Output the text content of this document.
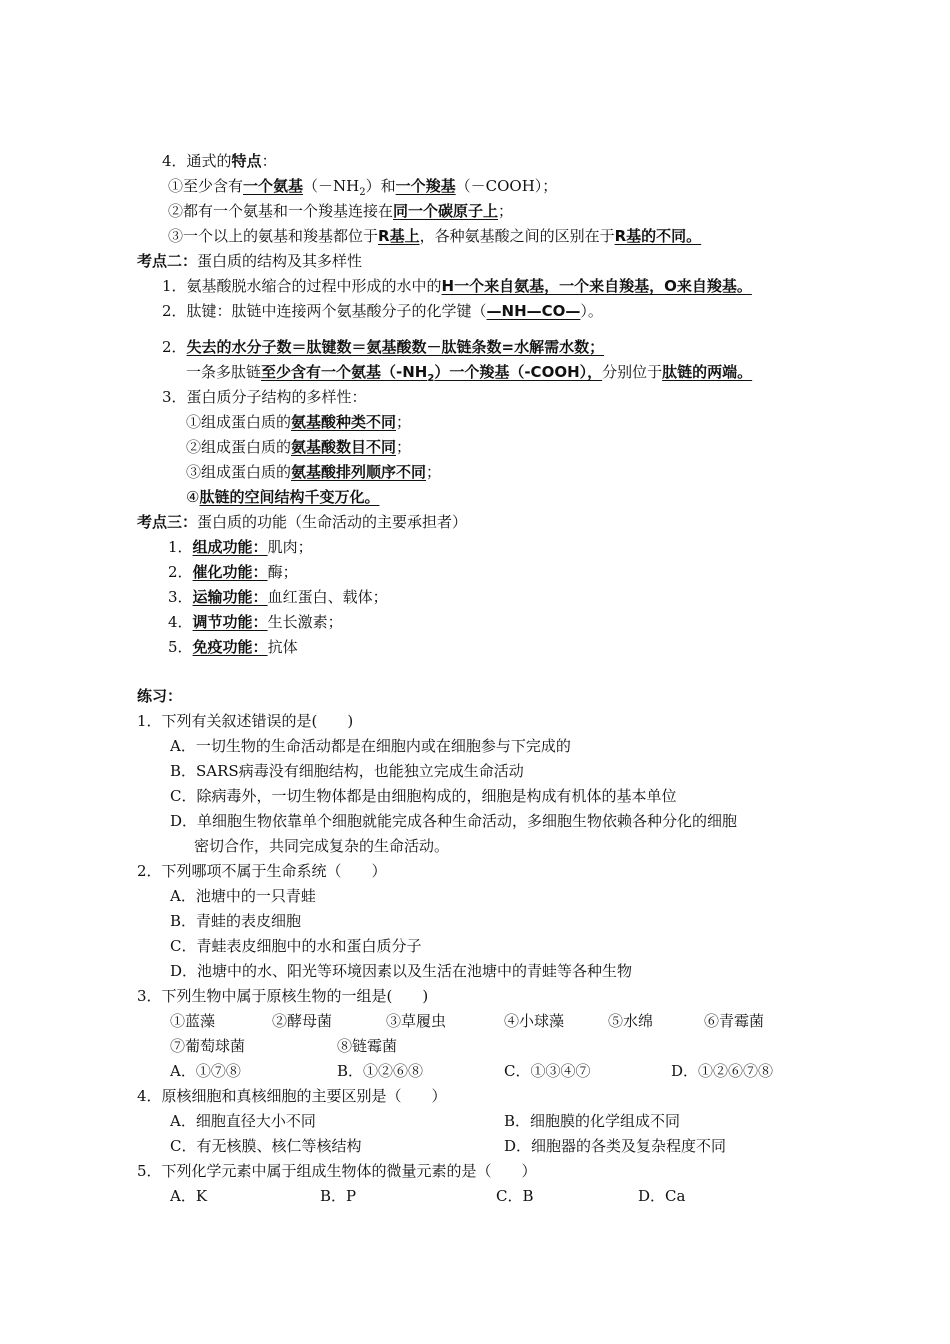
4．通式的特点：
①至少含有一个氨基$(-NH_2)$和一个羧基（－COOH）；
②都有一个氨基和一个羧基连接在同一个碳原子上；
③一个以上的氨基和羧基都位于R基上，各种氨基酸之间的区别在于R基的不同。
考点二：蛋白质的结构及其多样性
1．氨基酸脱水缩合的过程中形成的水中的H一个来自氨基，一个来自羧基，O来自羧基。
2．肽键：肽链中连接两个氨基酸分子的化学键（—NH—CO—）。
2．失去的水分子数＝肽键数＝氨基酸数－肽链条数=水解需水数；
一条多肽链至少含有一个氨基$(-NH_2)$一个羧基（-COOH），分别位于肽链的两端。
3．蛋白质分子结构的多样性：
①组成蛋白质的氨基酸种类不同；
②组成蛋白质的氨基酸数目不同；
③组成蛋白质的氨基酸排列顺序不同；
④肽链的空间结构千变万化。
考点三：蛋白质的功能（生命活动的主要承担者）
1．组成功能：肌肉；
2．催化功能：酶；
3．运输功能：血红蛋白、载体；
4．调节功能：生长激素；
5．免疫功能：抗体
练习：
1．下列有关叙述错误的是(　　)
A．一切生物的生命活动都是在细胞内或在细胞参与下完成的
B．SARS病毒没有细胞结构，也能独立完成生命活动
C．除病毒外，一切生物体都是由细胞构成的，细胞是构成有机体的基本单位
D．单细胞生物依靠单个细胞就能完成各种生命活动，多细胞生物依赖各种分化的细胞
密切合作，共同完成复杂的生命活动。
2．下列哪项不属于生命系统（　　）
A．池塘中的一只青蛙
B．青蛙的表皮细胞
C．青蛙表皮细胞中的水和蛋白质分子
D．池塘中的水、阳光等环境因素以及生活在池塘中的青蛙等各种生物
3．下列生物中属于原核生物的一组是(　　)
①蓝藻	②酵母菌	③草履虫	④小球藻	⑤水绵	⑥青霉菌
⑦葡萄球菌	⑧链霉菌
A．①⑦⑧	B．①②⑥⑧	C．①③④⑦	D．①②⑥⑦⑧
4．原核细胞和真核细胞的主要区别是（　　）
A．细胞直径大小不同	B．细胞膜的化学组成不同
C．有无核膜、核仁等核结构	D．细胞器的各类及复杂程度不同
5．下列化学元素中属于组成生物体的微量元素的是（　　）
A．K	B．P	C．B	D．Ca
